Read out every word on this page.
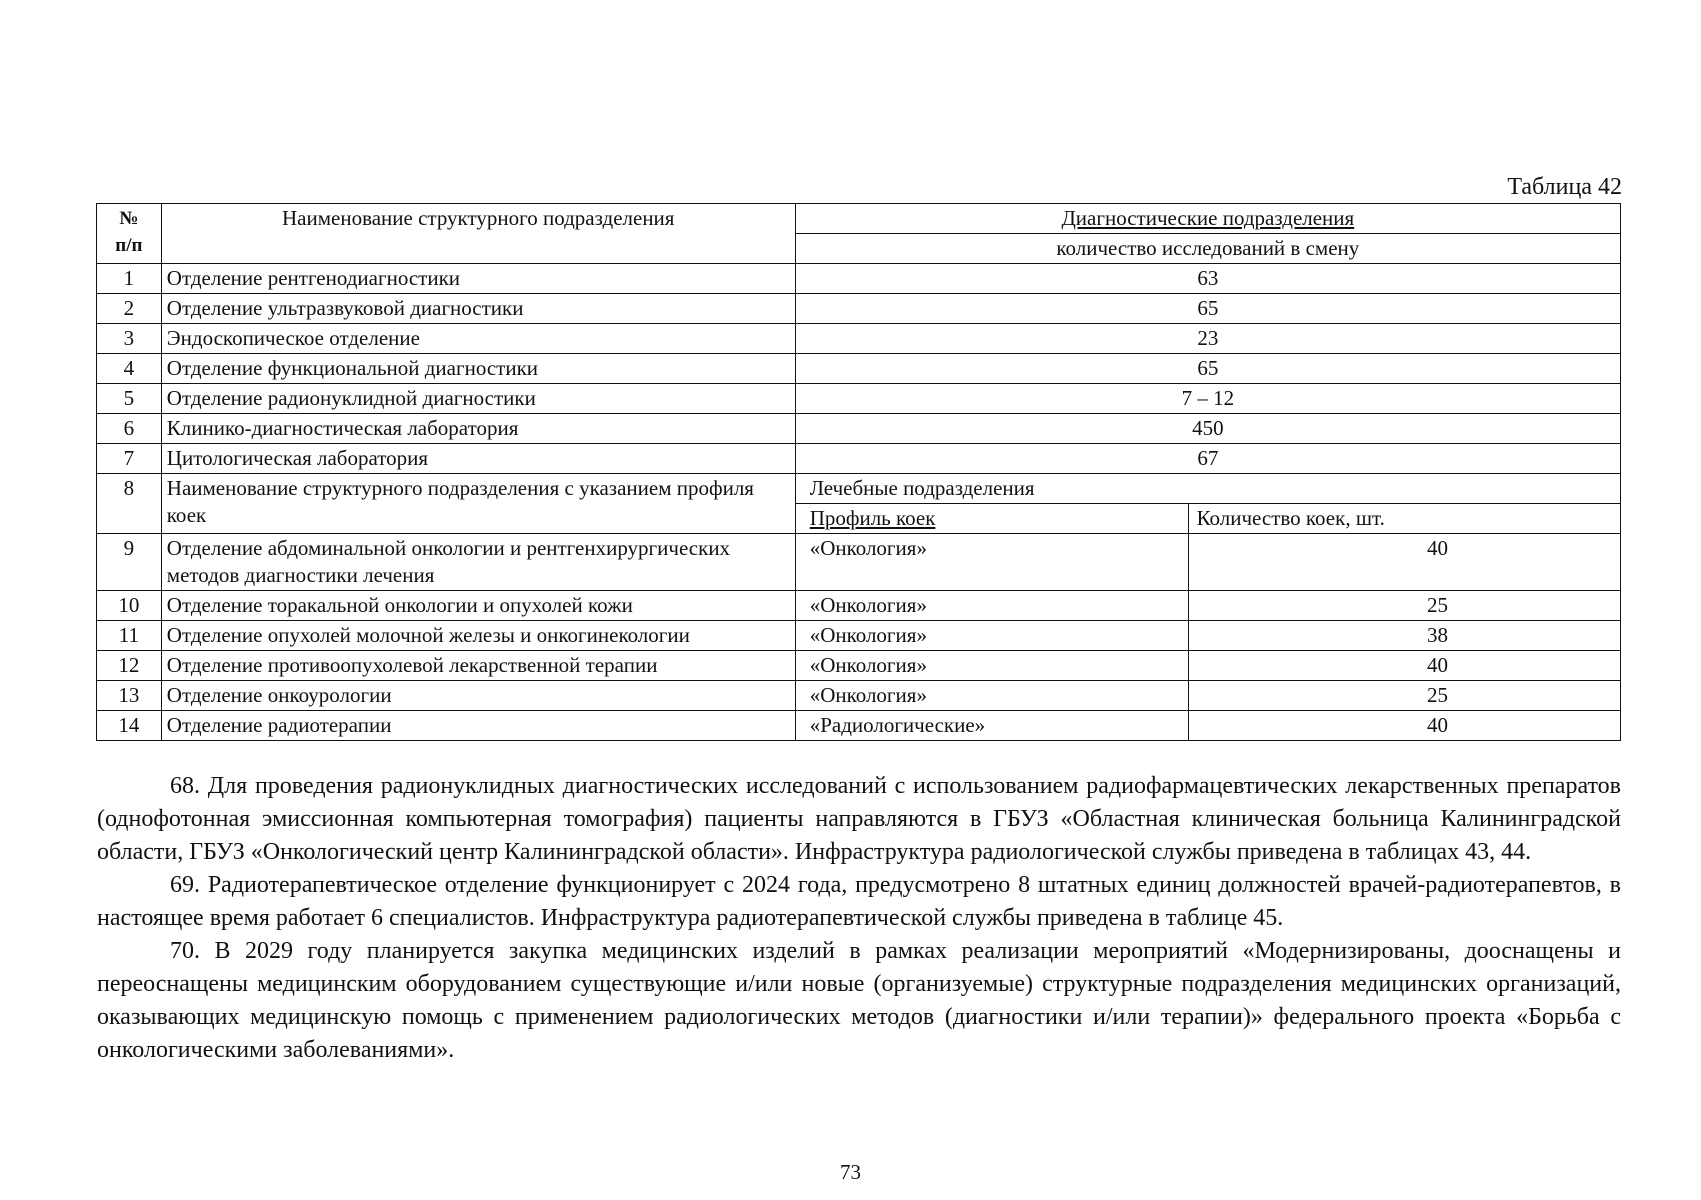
Таблица 42
№
п/п	Наименование структурного подразделения	Диагностические подразделения	
		количество исследований в смену	
1	Отделение рентгенодиагностики	63	
2	Отделение ультразвуковой диагностики	65	
3	Эндоскопическое отделение	23	
4	Отделение функциональной диагностики	65	
5	Отделение радионуклидной диагностики	7 – 12	
6	Клинико-диагностическая лаборатория	450	
7	Цитологическая лаборатория	67	
8	Наименование структурного подразделения с указанием профиля коек	Лечебные подразделения	
		Профиль коек	Количество коек, шт.
9	Отделение абдоминальной онкологии и рентгенхирургических методов диагностики лечения	«Онкология»	40
10	Отделение торакальной онкологии и опухолей кожи	«Онкология»	25
11	Отделение опухолей молочной железы и онкогинекологии	«Онкология»	38
12	Отделение противоопухолевой лекарственной терапии	«Онкология»	40
13	Отделение онкоурологии	«Онкология»	25
14	Отделение радиотерапии	«Радиологические»	40

68. Для проведения радионуклидных диагностических исследований с использованием радиофармацевтических лекарственных препаратов (однофотонная эмиссионная компьютерная томография) пациенты направляются в ГБУЗ «Областная клиническая больница Калининградской области, ГБУЗ «Онкологический центр Калининградской области». Инфраструктура радиологической службы приведена в таблицах 43, 44.

69. Радиотерапевтическое отделение функционирует с 2024 года, предусмотрено 8 штатных единиц должностей врачей-радиотерапевтов, в настоящее время работает 6 специалистов. Инфраструктура радиотерапевтической службы приведена в таблице 45.

70. В 2029 году планируется закупка медицинских изделий в рамках реализации мероприятий «Модернизированы, дооснащены и переоснащены медицинским оборудованием существующие и/или новые (организуемые) структурные подразделения медицинских организаций, оказывающих медицинскую помощь с применением радиологических методов (диагностики и/или терапии)» федерального проекта «Борьба с онкологическими заболеваниями».

73
